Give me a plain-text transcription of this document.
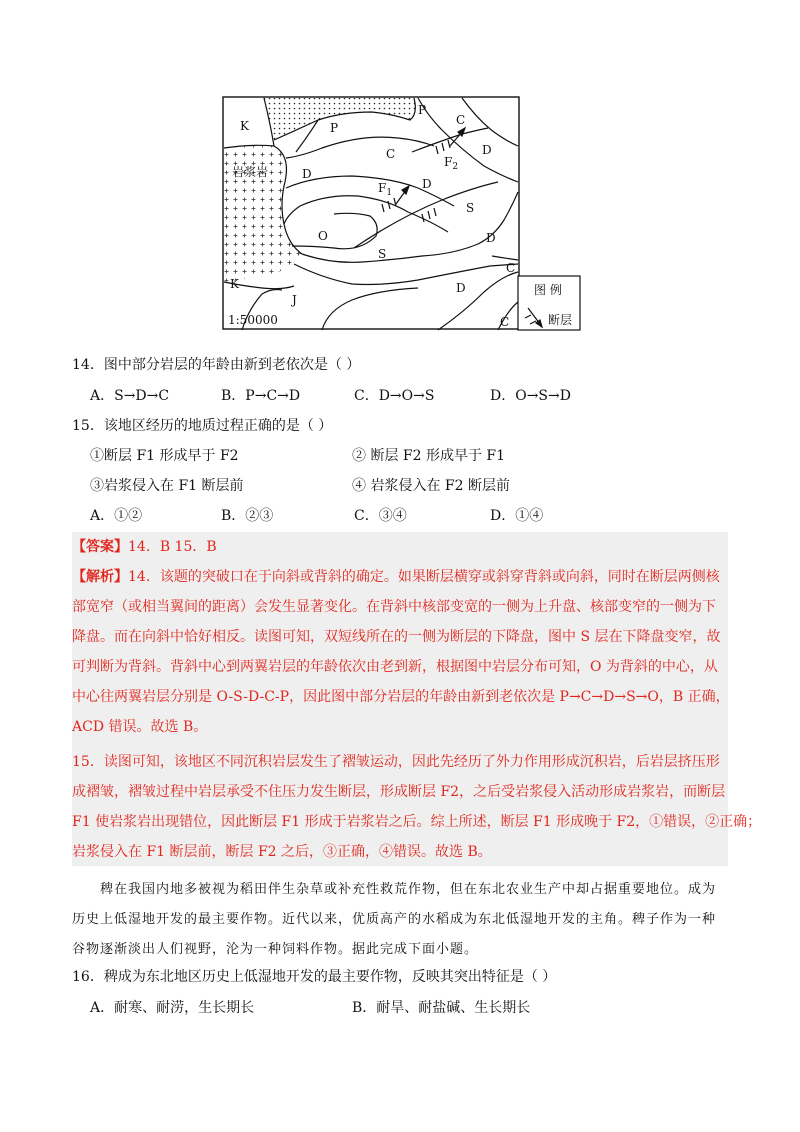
K
P
P
C
C	D
D
D
D
D
S
S
O
J
K
C
C
$F_1$
$F_2$
岩浆岩
1:50000
图 例
断层
14．图中部分岩层的年龄由新到老依次是（ ）
A．S→D→C	B．P→C→D	C．D→O→S	D．O→S→D
15．该地区经历的地质过程正确的是（ ）
①断层 F1 形成早于 F2	② 断层 F2 形成早于 F1
③岩浆侵入在 F1 断层前	④ 岩浆侵入在 F2 断层前
A．①②	B．②③	C．③④	D．①④
【答案】14．B 15．B
【解析】14．该题的突破口在于向斜或背斜的确定。如果断层横穿或斜穿背斜或向斜，同时在断层两侧核
部宽窄（或相当翼间的距离）会发生显著变化。在背斜中核部变宽的一侧为上升盘、核部变窄的一侧为下
降盘。而在向斜中恰好相反。读图可知，双短线所在的一侧为断层的下降盘，图中 S 层在下降盘变窄，故
可判断为背斜。背斜中心到两翼岩层的年龄依次由老到新，根据图中岩层分布可知，O 为背斜的中心，从
中心往两翼岩层分别是 O-S-D-C-P，因此图中部分岩层的年龄由新到老依次是 P→C→D→S→O，B 正确，
ACD 错误。故选 B。
15．读图可知，该地区不同沉积岩层发生了褶皱运动，因此先经历了外力作用形成沉积岩，后岩层挤压形
成褶皱，褶皱过程中岩层承受不住压力发生断层，形成断层 F2，之后受岩浆侵入活动形成岩浆岩，而断层
F1 使岩浆岩出现错位，因此断层 F1 形成于岩浆岩之后。综上所述，断层 F1 形成晚于 F2，①错误，②正确；
岩浆侵入在 F1 断层前，断层 F2 之后，③正确，④错误。故选 B。
稗在我国内地多被视为稻田伴生杂草或补充性救荒作物，但在东北农业生产中却占据重要地位。成为
历史上低湿地开发的最主要作物。近代以来，优质高产的水稻成为东北低湿地开发的主角。稗子作为一种
谷物逐渐淡出人们视野，沦为一种饲料作物。据此完成下面小题。
16．稗成为东北地区历史上低湿地开发的最主要作物，反映其突出特征是（ ）
A．耐寒、耐涝，生长期长	B．耐旱、耐盐碱、生长期长
